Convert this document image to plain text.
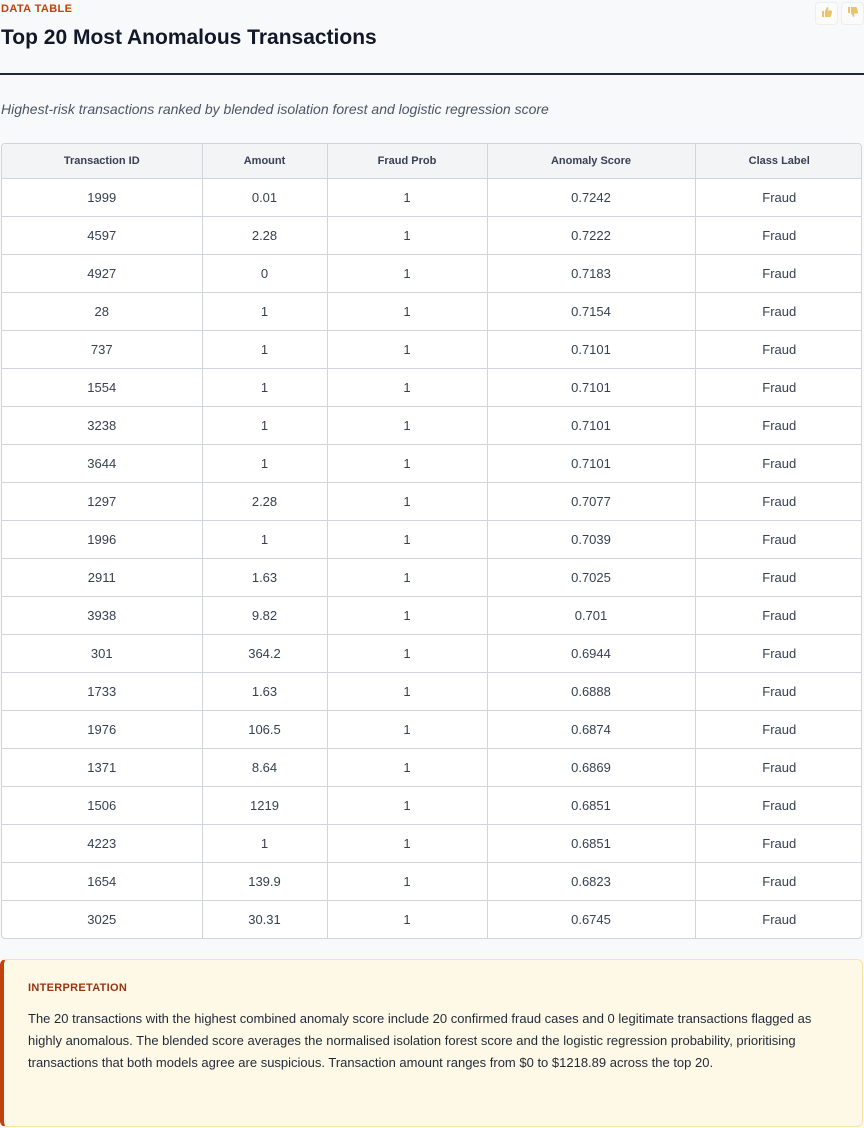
DATA TABLE
Top 20 Most Anomalous Transactions
Highest-risk transactions ranked by blended isolation forest and logistic regression score
Transaction ID	Amount	Fraud Prob	Anomaly Score	Class Label
1999	0.01	1	0.7242	Fraud
4597	2.28	1	0.7222	Fraud
4927	0	1	0.7183	Fraud
28	1	1	0.7154	Fraud
737	1	1	0.7101	Fraud
1554	1	1	0.7101	Fraud
3238	1	1	0.7101	Fraud
3644	1	1	0.7101	Fraud
1297	2.28	1	0.7077	Fraud
1996	1	1	0.7039	Fraud
2911	1.63	1	0.7025	Fraud
3938	9.82	1	0.701	Fraud
301	364.2	1	0.6944	Fraud
1733	1.63	1	0.6888	Fraud
1976	106.5	1	0.6874	Fraud
1371	8.64	1	0.6869	Fraud
1506	1219	1	0.6851	Fraud
4223	1	1	0.6851	Fraud
1654	139.9	1	0.6823	Fraud
3025	30.31	1	0.6745	Fraud
INTERPRETATION

The 20 transactions with the highest combined anomaly score include 20 confirmed fraud cases and 0 legitimate transactions flagged as highly anomalous. The blended score averages the normalised isolation forest score and the logistic regression probability, prioritising transactions that both models agree are suspicious. Transaction amount ranges from $0 to $1218.89 across the top 20.
